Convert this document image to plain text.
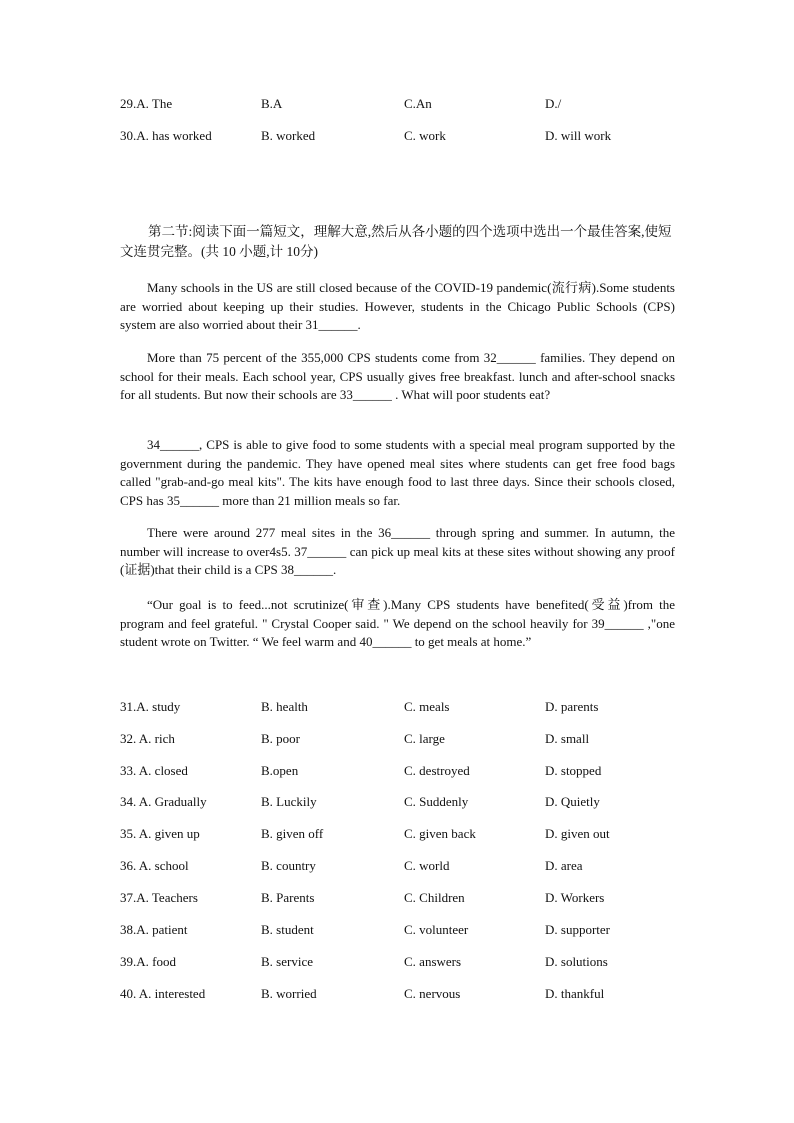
29.A. The	B.A	C.An	D./
30.A. has worked	B. worked	C. work	D. will work
第二节:阅读下面一篇短文，理解大意,然后从各小题的四个选项中选出一个最佳答案,使短文连贯完整。(共 10 小题,计 10分)

Many schools in the US are still closed because of the COVID-19 pandemic(流行病).Some students are worried about keeping up their studies. However, students in the Chicago Public Schools (CPS) system are also worried about their 31______.

More than 75 percent of the 355,000 CPS students come from 32______ families. They depend on school for their meals. Each school year, CPS usually gives free breakfast. lunch and after-school snacks for all students. But now their schools are 33______ . What will poor students eat?

34______, CPS is able to give food to some students with a special meal program supported by the government during the pandemic. They have opened meal sites where students can get free food bags called "grab-and-go meal kits". The kits have enough food to last three days. Since their schools closed, CPS has 35______ more than 21 million meals so far.

There were around 277 meal sites in the 36______ through spring and summer. In autumn, the number will increase to over4s5. 37______ can pick up meal kits at these sites without showing any proof (证据)that their child is a CPS 38______.

“Our goal is to feed...not scrutinize(审查).Many CPS students have benefited(受益)from the program and feel grateful. " Crystal Cooper said. " We depend on the school heavily for 39______ ,"one student wrote on Twitter. “ We feel warm and 40______ to get meals at home.”

31.A. study	B. health	C. meals	D. parents
32. A. rich	B. poor	C. large	D. small
33. A. closed	B.open	C. destroyed	D. stopped
34. A. Gradually	B. Luckily	C. Suddenly	D. Quietly
35. A. given up	B. given off	C. given back	D. given out
36. A. school	B. country	C. world	D. area
37.A. Teachers	B. Parents	C. Children	D. Workers
38.A. patient	B. student	C. volunteer	D. supporter
39.A. food	B. service	C. answers	D. solutions
40. A. interested	B. worried	C. nervous	D. thankful
